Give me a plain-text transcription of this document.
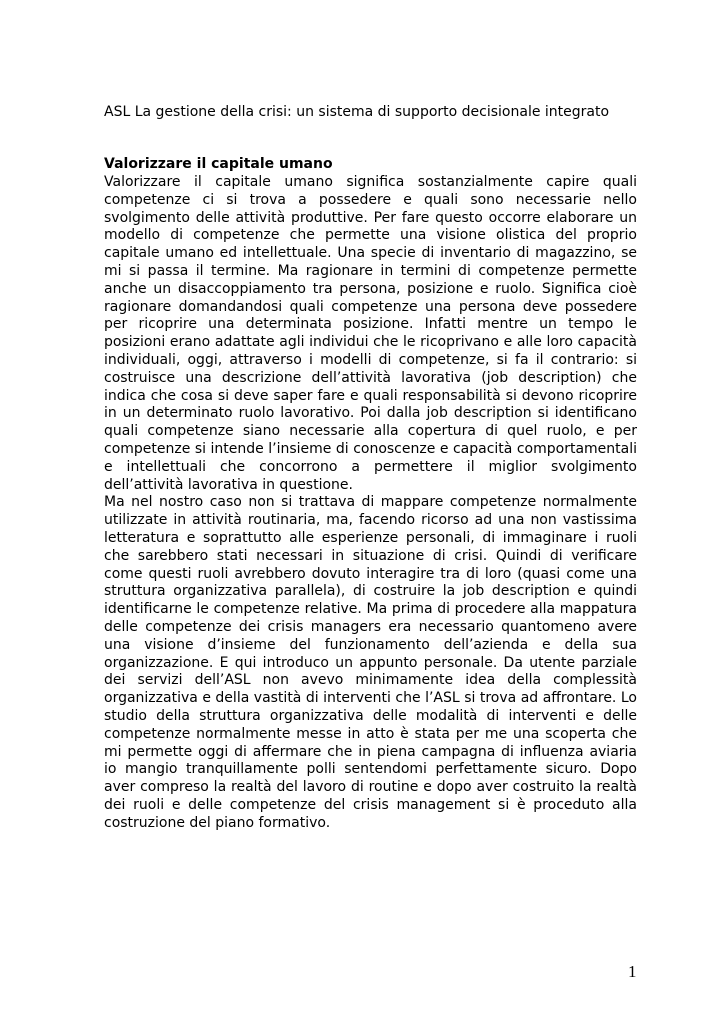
ASL La gestione della crisi: un sistema di supporto decisionale integrato
Valorizzare il capitale umano

Valorizzare il capitale umano significa sostanzialmente capire quali competenze ci si trova a possedere e quali sono necessarie nello svolgimento delle attività produttive. Per fare questo occorre elaborare un modello di competenze che permette una visione olistica del proprio capitale umano ed intellettuale. Una specie di inventario di magazzino, se mi si passa il termine. Ma ragionare in termini di competenze permette anche un disaccoppiamento tra persona, posizione e ruolo. Significa cioè ragionare domandandosi quali competenze una persona deve possedere per ricoprire una determinata posizione. Infatti mentre un tempo le posizioni erano adattate agli individui che le ricoprivano e alle loro capacità individuali, oggi, attraverso i modelli di competenze, si fa il contrario: si costruisce una descrizione dell’attività lavorativa (job description) che indica che cosa si deve saper fare e quali responsabilità si devono ricoprire in un determinato ruolo lavorativo. Poi dalla job description si identificano quali competenze siano necessarie alla copertura di quel ruolo, e per competenze si intende l’insieme di conoscenze e capacità comportamentali e intellettuali che concorrono a permettere il miglior svolgimento dell’attività lavorativa in questione.

Ma nel nostro caso non si trattava di mappare competenze normalmente utilizzate in attività routinaria, ma, facendo ricorso ad una non vastissima letteratura e soprattutto alle esperienze personali, di immaginare i ruoli che sarebbero stati necessari in situazione di crisi. Quindi di verificare come questi ruoli avrebbero dovuto interagire tra di loro (quasi come una struttura organizzativa parallela), di costruire la job description e quindi identificarne le competenze relative. Ma prima di procedere alla mappatura delle competenze dei crisis managers era necessario quantomeno avere una visione d’insieme del funzionamento dell’azienda e della sua organizzazione. E qui introduco un appunto personale. Da utente parziale dei servizi dell’ASL non avevo minimamente idea della complessità organizzativa e della vastità di interventi che l’ASL si trova ad affrontare. Lo studio della struttura organizzativa delle modalità di interventi e delle competenze normalmente messe in atto è stata per me una scoperta che mi permette oggi di affermare che in piena campagna di influenza aviaria io mangio tranquillamente polli sentendomi perfettamente sicuro. Dopo aver compreso la realtà del lavoro di routine e dopo aver costruito la realtà dei ruoli e delle competenze del crisis management si è proceduto alla costruzione del piano formativo.

1
